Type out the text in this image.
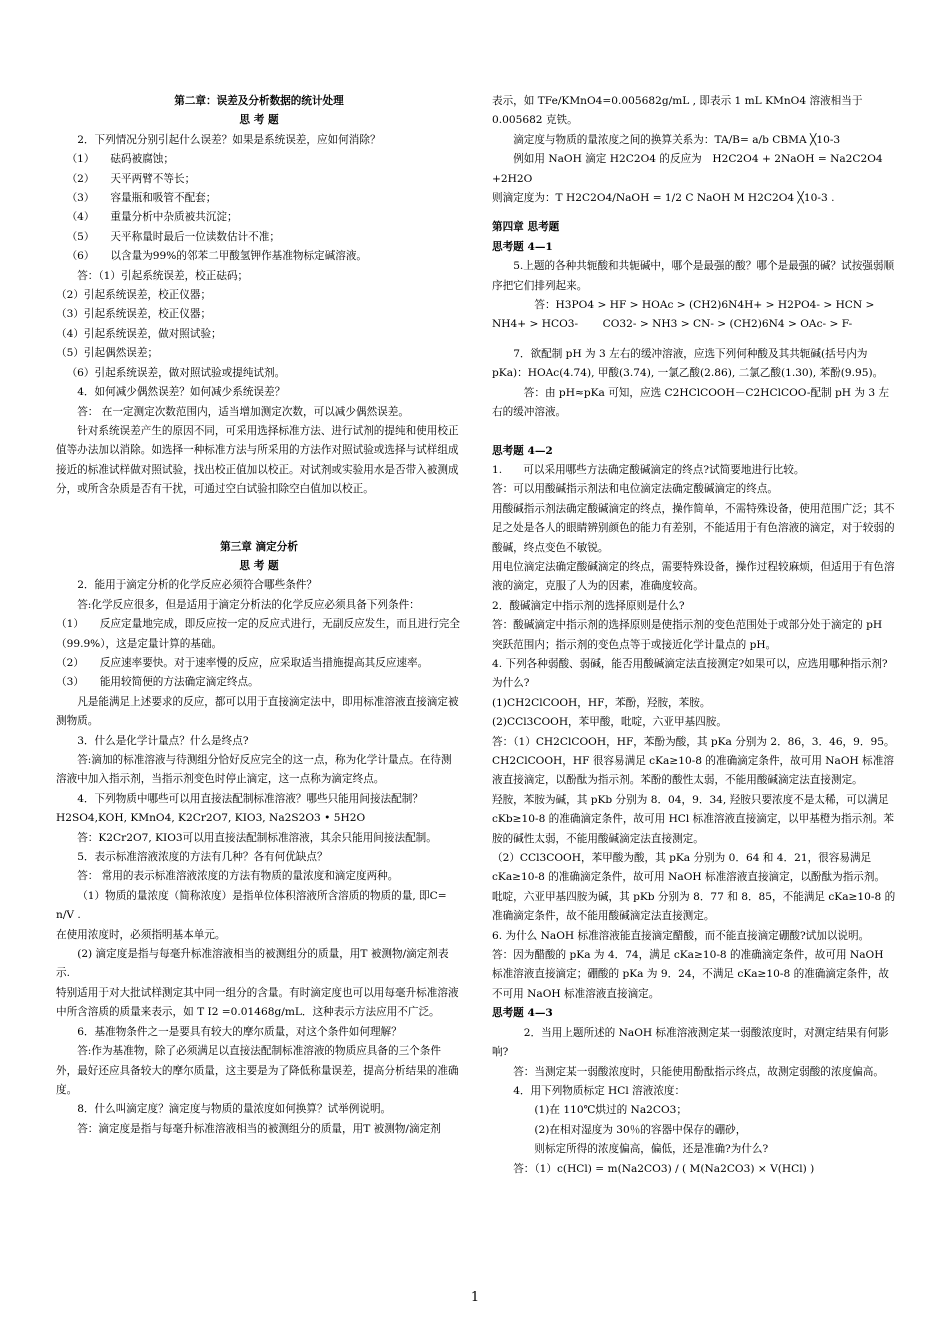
第二章：误差及分析数据的统计处理

思 考 题

2．下列情况分别引起什么误差？如果是系统误差，应如何消除？

（1）　　砝码被腐蚀；

（2）　　天平两臂不等长；

（3）　　容量瓶和吸管不配套；

（4）　　重量分析中杂质被共沉淀；

（5）　　天平称量时最后一位读数估计不准；

（6）　　以含量为99%的邻苯二甲酸氢钾作基准物标定碱溶液。

答：（1）引起系统误差，校正砝码；

（2）引起系统误差，校正仪器；

（3）引起系统误差，校正仪器；

（4）引起系统误差，做对照试验；

（5）引起偶然误差；

（6）引起系统误差，做对照试验或提纯试剂。

4．如何减少偶然误差？如何减少系统误差？

答： 在一定测定次数范围内，适当增加测定次数，可以减少偶然误差。

针对系统误差产生的原因不同，可采用选择标准方法、进行试剂的提纯和使用校正值等办法加以消除。如选择一种标准方法与所采用的方法作对照试验或选择与试样组成接近的标准试样做对照试验，找出校正值加以校正。对试剂或实验用水是否带入被测成分，或所含杂质是否有干扰，可通过空白试验扣除空白值加以校正。

第三章 滴定分析

思 考 题

2．能用于滴定分析的化学反应必须符合哪些条件？

答:化学反应很多，但是适用于滴定分析法的化学反应必须具备下列条件：

（1）　　反应定量地完成，即反应按一定的反应式进行，无副反应发生，而且进行完全（99.9%），这是定量计算的基础。

（2）　　反应速率要快。对于速率慢的反应，应采取适当措施提高其反应速率。

（3）　　能用较简便的方法确定滴定终点。

凡是能满足上述要求的反应，都可以用于直接滴定法中，即用标准溶液直接滴定被测物质。

3．什么是化学计量点？什么是终点?

答:滴加的标准溶液与待测组分恰好反应完全的这一点，称为化学计量点。在待测溶液中加入指示剂，当指示剂变色时停止滴定，这一点称为滴定终点。

4．下列物质中哪些可以用直接法配制标准溶液？哪些只能用间接法配制？

H2SO4,KOH, KMnO4, K2Cr2O7, KIO3, Na2S2O3 • 5H2O

答：K2Cr2O7, KIO3可以用直接法配制标准溶液，其余只能用间接法配制。

5．表示标准溶液浓度的方法有几种？各有何优缺点？

答： 常用的表示标准溶液浓度的方法有物质的量浓度和滴定度两种。

（1）物质的量浓度（简称浓度）是指单位体积溶液所含溶质的物质的量, 即C= n/V .

在使用浓度时，必须指明基本单元。

(2) 滴定度是指与每毫升标准溶液相当的被测组分的质量，用T 被测物/滴定剂表示.

特别适用于对大批试样测定其中同一组分的含量。有时滴定度也可以用每毫升标准溶液中所含溶质的质量来表示，如 T I2 =0.01468g/mL．这种表示方法应用不广泛。

6．基准物条件之一是要具有较大的摩尔质量，对这个条件如何理解？

答:作为基准物，除了必须满足以直接法配制标准溶液的物质应具备的三个条件外，最好还应具备较大的摩尔质量，这主要是为了降低称量误差，提高分析结果的准确度。

8．什么叫滴定度？滴定度与物质的量浓度如何换算？试举例说明。

答：滴定度是指与每毫升标准溶液相当的被测组分的质量，用T 被测物/滴定剂

表示，如 TFe/KMnO4=0.005682g/mL , 即表示 1 mL KMnO4 溶液相当于 0.005682 克铁。

滴定度与物质的量浓度之间的换算关系为：TA/B= a/b CBMA ╳10-3

例如用 NaOH 滴定 H2C2O4 的反应为　H2C2O4 + 2NaOH = Na2C2O4 +2H2O

则滴定度为：T H2C2O4/NaOH = 1/2 C NaOH M H2C2O4 ╳10-3 .

第四章 思考题

思考题 4—1

5.上题的各种共轭酸和共轭碱中，哪个是最强的酸？哪个是最强的碱？试按强弱顺序把它们排列起来。

　　答：H3PO4 > HF > HOAc > (CH2)6N4H+ > H2PO4- > HCN > NH4+ > HCO3- 　　CO32- > NH3 > CN- > (CH2)6N4 > OAc- > F-

7．欲配制 pH 为 3 左右的缓冲溶液，应选下列何种酸及其共轭碱(括号内为 pKa)：HOAc(4.74), 甲酸(3.74), 一氯乙酸(2.86), 二氯乙酸(1.30), 苯酚(9.95)。

　答：由 pH≈pKa 可知，应选 C2HClCOOH－C2HClCOO-配制 pH 为 3 左右的缓冲溶液。

思考题 4—2

1.　　可以采用哪些方法确定酸碱滴定的终点?试简要地进行比较。

答：可以用酸碱指示剂法和电位滴定法确定酸碱滴定的终点。

用酸碱指示剂法确定酸碱滴定的终点，操作简单，不需特殊设备，使用范围广泛；其不足之处是各人的眼睛辨别颜色的能力有差别，不能适用于有色溶液的滴定，对于较弱的酸碱，终点变色不敏锐。

用电位滴定法确定酸碱滴定的终点，需要特殊设备，操作过程较麻烦，但适用于有色溶液的滴定，克服了人为的因素，准确度较高。

2．酸碱滴定中指示剂的选择原则是什么?

答：酸碱滴定中指示剂的选择原则是使指示剂的变色范围处于或部分处于滴定的 pH 突跃范围内；指示剂的变色点等于或接近化学计量点的 pH。

4. 下列各种弱酸、弱碱，能否用酸碱滴定法直接测定?如果可以，应选用哪种指示剂?为什么?

(1)CH2ClCOOH，HF，苯酚，羟胺，苯胺。

(2)CCl3COOH，苯甲酸，吡啶，六亚甲基四胺。

答：（1）CH2ClCOOH，HF，苯酚为酸，其 pKa 分别为 2．86，3．46，9．95。

CH2ClCOOH，HF 很容易满足 cKa≥10-8 的准确滴定条件，故可用 NaOH 标准溶液直接滴定，以酚酞为指示剂。苯酚的酸性太弱，不能用酸碱滴定法直接测定。

羟胺，苯胺为碱，其 pKb 分别为 8．04，9．34, 羟胺只要浓度不是太稀，可以满足 cKb≥10-8 的准确滴定条件，故可用 HCl 标准溶液直接滴定，以甲基橙为指示剂。苯胺的碱性太弱，不能用酸碱滴定法直接测定。

（2）CCl3COOH，苯甲酸为酸，其 pKa 分别为 0．64 和 4．21，很容易满足 cKa≥10-8 的准确滴定条件，故可用 NaOH 标准溶液直接滴定，以酚酞为指示剂。

吡啶，六亚甲基四胺为碱，其 pKb 分别为 8．77 和 8．85，不能满足 cKa≥10-8 的准确滴定条件，故不能用酸碱滴定法直接测定。

6. 为什么 NaOH 标准溶液能直接滴定醋酸，而不能直接滴定硼酸?试加以说明。

答：因为醋酸的 pKa 为 4．74，满足 cKa≥10-8 的准确滴定条件，故可用 NaOH 标准溶液直接滴定；硼酸的 pKa 为 9．24，不满足 cKa≥10-8 的准确滴定条件，故不可用 NaOH 标准溶液直接滴定。

思考题 4—3

　2．当用上题所述的 NaOH 标准溶液测定某一弱酸浓度时，对测定结果有何影响?

答：当测定某一弱酸浓度时，只能使用酚酞指示终点，故测定弱酸的浓度偏高。

4．用下列物质标定 HCl 溶液浓度：

　　(1)在 110℃烘过的 Na2CO3；

　　(2)在相对湿度为 30％的容器中保存的硼砂，

　　则标定所得的浓度偏高，偏低，还是准确?为什么?

答：（1）c(HCl) = m(Na2CO3) / ( M(Na2CO3) × V(HCl) )

1
